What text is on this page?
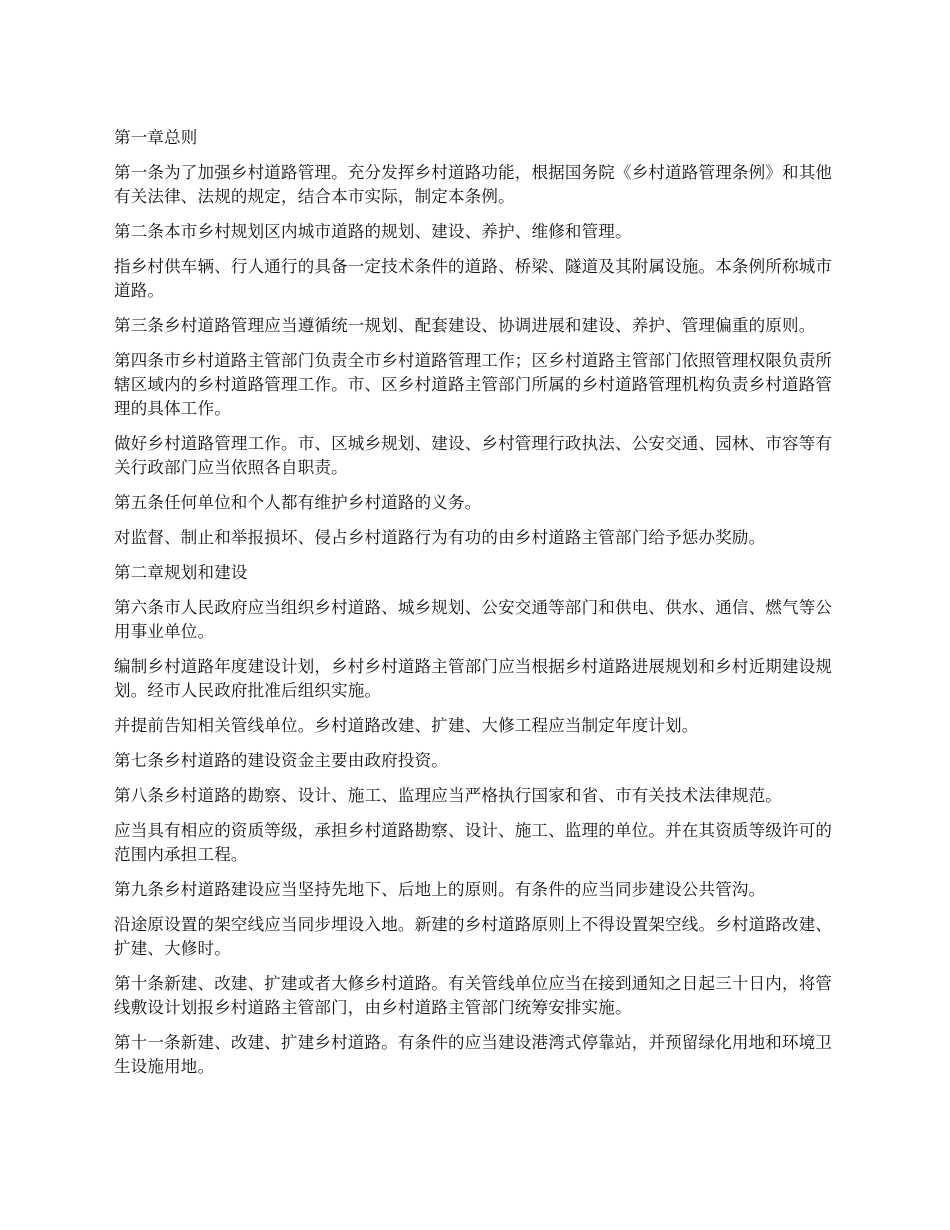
第一章总则

第一条为了加强乡村道路管理。充分发挥乡村道路功能，根据国务院《乡村道路管理条例》和其他有关法律、法规的规定，结合本市实际，制定本条例。

第二条本市乡村规划区内城市道路的规划、建设、养护、维修和管理。

指乡村供车辆、行人通行的具备一定技术条件的道路、桥梁、隧道及其附属设施。本条例所称城市道路。

第三条乡村道路管理应当遵循统一规划、配套建设、协调进展和建设、养护、管理偏重的原则。

第四条市乡村道路主管部门负责全市乡村道路管理工作；区乡村道路主管部门依照管理权限负责所辖区域内的乡村道路管理工作。市、区乡村道路主管部门所属的乡村道路管理机构负责乡村道路管理的具体工作。

做好乡村道路管理工作。市、区城乡规划、建设、乡村管理行政执法、公安交通、园林、市容等有关行政部门应当依照各自职责。

第五条任何单位和个人都有维护乡村道路的义务。

对监督、制止和举报损坏、侵占乡村道路行为有功的由乡村道路主管部门给予惩办奖励。

第二章规划和建设

第六条市人民政府应当组织乡村道路、城乡规划、公安交通等部门和供电、供水、通信、燃气等公用事业单位。

编制乡村道路年度建设计划，乡村乡村道路主管部门应当根据乡村道路进展规划和乡村近期建设规划。经市人民政府批准后组织实施。

并提前告知相关管线单位。乡村道路改建、扩建、大修工程应当制定年度计划。

第七条乡村道路的建设资金主要由政府投资。

第八条乡村道路的勘察、设计、施工、监理应当严格执行国家和省、市有关技术法律规范。

应当具有相应的资质等级，承担乡村道路勘察、设计、施工、监理的单位。并在其资质等级许可的范围内承担工程。

第九条乡村道路建设应当坚持先地下、后地上的原则。有条件的应当同步建设公共管沟。

沿途原设置的架空线应当同步埋设入地。新建的乡村道路原则上不得设置架空线。乡村道路改建、扩建、大修时。

第十条新建、改建、扩建或者大修乡村道路。有关管线单位应当在接到通知之日起三十日内，将管线敷设计划报乡村道路主管部门，由乡村道路主管部门统筹安排实施。

第十一条新建、改建、扩建乡村道路。有条件的应当建设港湾式停靠站，并预留绿化用地和环境卫生设施用地。
